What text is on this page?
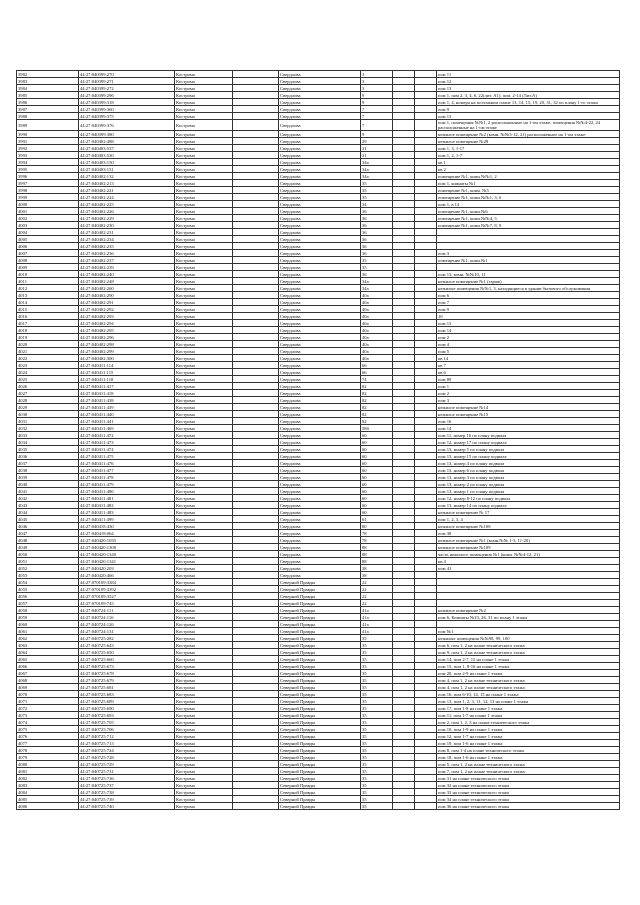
3982	44:27:040399:270	Кострома		Свердлова	3			пом 11
3983	44:27:040399:271	Кострома		Свердлова	3			пом 12
3984	44:27:040399:272	Кострома		Свердлова	3			пом 13
3985	44:27:040399:296	Кострома		Свердлова	9			пом 1, пом 2, 3, 4, 6, 22(лит. А1), пом. 2-14 (Лит.А)
3986	44:27:040399:318	Кострома		Свердлова	9			пом 1, 4, номера на поэтажном плане 13, 14, 15, 19, 20, 31, 32 по плану 1-го этажа
3987	44:27:040399:360	Кострома		Свердлова	7			пом 9
3988	44:27:040399:375	Кострома		Свердлова	7			пом 13
3989	44:27:040399:376	Кострома		Свердлова	7			пом 1, помещения №№1, 2 расположенные на 1-ом этаже, помещения №№4-22, 24 расположенные на 1-ом этаже
3990	44:27:040399:380	Кострома		Свердлова	9			нежилое помещение №2 (комн. №№3-12, 21) расположенное на 1-ом этаже
3991	44:27:040402:488	Кострома		Свердлова	29			нежилое помещение №28
3992	44:27:040403:537	Кострома		Свердлова	31			пом 1, 3, 1-17
3993	44:27:040403:530	Кострома		Свердлова	31			пом 1, 2, 1-7
3994	44:27:040403:150	Кострома		Свердлова	34а			кв 1
3995	44:27:040403:151	Кострома		Свердлова	34а			кв 2
3996	44:27:040402:132	Кострома		Свердлова	34а			помещение №1, комн №№1, 2
3997	44:27:040402:213	Кострома		Свердлова	35			пом 1, комнаты №1
3998	44:27:040402:221	Кострома		Свердлова	35			помещение №1, комн. №5
3999	44:27:040402:224	Кострома		Свердлова	35			помещение №1, комн.№№1, 3, 6
4000	44:27:040402:225	Кострома		Свердлова	34			пом 1, в 14
4001	44:27:040402:226	Кострома		Свердлова	36			помещение №1, комн.№6
4002	44:27:040402:229	Кострома		Свердлова	36			помещение №1, комн.№№4, 5
4003	44:27:040402:230	Кострома		Свердлова	36			помещение №1, комн.№№7, 8, 9
4004	44:27:040402:231	Кострома		Свердлова	36			
4005	44:27:040402:234	Кострома		Свердлова	36			
4006	44:27:040402:235	Кострома		Свердлова	36			
4007	44:27:040402:236	Кострома		Свердлова	36			пом 3
4008	44:27:040402:237	Кострома		Свердлова	35			помещение №1, комн.№1
4009	44:27:040402:239	Кострома		Свердлова	35			
4010	44:27:040402:240	Кострома		Свердлова	36			пом 13, комн. №№10, 11
4011	44:27:040402:248	Кострома		Свердлова	34а			нежилое помещение №1 (гараж)
4012	44:27:040402:260	Кострома		Свердлова	34а			нежилые помещения №№1, 3, находящиеся в здании бытового обслуживания
4013	44:27:040402:290	Кострома		Свердлова	40а			пом 6
4014	44:27:040402:291	Кострома		Свердлова	40а			пом 7
4015	44:27:040402:292	Кострома		Свердлова	40а			пом 9
4016	44:27:040402:293	Кострома		Свердлова	40а			10
4017	44:27:040402:294	Кострома		Свердлова	40а			пом 13
4018	44:27:040402:295	Кострома		Свердлова	40а			пом 14
4019	44:27:040402:296	Кострома		Свердлова	40а			пом 2
4020	44:27:040402:298	Кострома		Свердлова	40а			пом 4
4021	44:27:040402:299	Кострома		Свердлова	40а			пом 5
4022	44:27:040402:300	Кострома		Свердлова	40а			кв 14
4023	44:27:040411:114	Кострома		Свердлова	66			кв 7
4024	44:27:040411:115	Кострома		Свердлова	66			кв 6
4025	44:27:040411:118	Кострома		Свердлова	74			пом 89
4026	44:27:040411:417	Кострома		Свердлова	82			пом 1
4027	44:27:040411:418	Кострома		Свердлова	82			пом 2
4028	44:27:040411:438	Кострома		Свердлова	82			пом 3
4029	44:27:040411:439	Кострома		Свердлова	82			нежилое помещение №14
4030	44:27:040411:440	Кострома		Свердлова	82			нежилое помещение №15
4031	44:27:040411:441	Кострома		Свердлова	82			пом 16
4032	44:27:040411:469	Кострома		Свердлова	58б			пом 14
4033	44:27:040411:472	Кострома		Свердлова	60			пом 11, номер 16 по плану подвала
4034	44:27:040411:473	Кострома		Свердлова	60			пом 12, номер 17 по плану подвала
4035	44:27:040411:474	Кострома		Свердлова	60			пом 13, номер 5 по плану подвала
4036	44:27:040411:475	Кострома		Свердлова	60			пом 13, номер 15 по плану подвала
4037	44:27:040411:476	Кострома		Свердлова	60			пом 13, номер 4 по плану подвала
4038	44:27:040411:477	Кострома		Свердлова	60			пом 13, номер 6 по плану подвала
4039	44:27:040411:478	Кострома		Свердлова	60			пом 13, номер 3 по плану подвала
4040	44:27:040411:479	Кострома		Свердлова	60			пом 13, номер 2 по плану подвала
4041	44:27:040411:480	Кострома		Свердлова	60			пом 13, номер 1 по плану подвала
4042	44:27:040411:481	Кострома		Свердлова	60			пом 12, номер 8-12 по плану подвала
4043	44:27:040411:482	Кострома		Свердлова	60			пом 13, номер 14 по плану подвала
4044	44:27:040411:483	Кострома		Свердлова	60			нежилое помещение № 17
4045	44:27:040411:499	Кострома		Свердлова	61			пом 1, 2, 3, 4
4046	44:27:040418:430	Кострома		Свердлова	80			нежилое помещение №108
4047	44:27:040418:064	Кострома		Свердлова	78			пом 38
4048	44:27:040420:1035	Кострома		Свердлова	78			нежилое помещение №1 (комн.№№ 1-3, 11-20)
4049	44:27:040420:1300	Кострома		Свердлова	88			нежилое помещение №109
4050	44:27:040420:1340	Кострома		Свердлова	88			часть нежилого помещения №1 (комн. №№4-12, 21)
4051	44:27:040420:1341	Кострома		Свердлова	88			кв 4
4052	44:27:040420:203	Кострома		Свердлова	38			пом 41
4053	44:27:040420:466	Кострома		Свердлова	38			
4054	44:27:070109:3384	Кострома		Северной Правды	22			
4055	44:27:070109:3392	Кострома		Северной Правды	22			
4056	44:27:070109:3527	Кострома		Северной Правды	22			
4057	44:27:070109:745	Кострома		Северной Правды	22			
4058	44:27:040724:111	Кострома		Северной Правды	41а			нежилое помещение №2
4059	44:27:040724:116	Кострома		Северной Правды	41а			пом 6, Комнаты №23, 26, 31 по плану 1 этажа
4060	44:27:040724:126	Кострома		Северной Правды	41а			
4061	44:27:040724:131	Кострома		Северной Правды	41а			пом №1
4062	44:27:040725:282	Кострома		Северной Правды	35			нежилые помещения №№98, 99, 100
4063	44:27:040725:643	Кострома		Северной Правды	35			пом 6, пом 1, 2 на плане технического этажа
4064	44:27:040725:650	Кострома		Северной Правды	35			пом 9, пом 1, 2 на плане технического этажа
4065	44:27:040725:660	Кострома		Северной Правды	35			пом 14, пом 2-7, 15 на плане 1 этажа
4066	44:27:040725:673	Кострома		Северной Правды	35			пом 15, пом 1, 8-16 на плане 1 этажа
4067	44:27:040725:678	Кострома		Северной Правды	35			пом 20, пом 2-9 на плане 1 этажа
4068	44:27:040725:679	Кострома		Северной Правды	35			пом 4, пом 1, 2 на плане технического этажа
4069	44:27:040725:681	Кострома		Северной Правды	35			пом 4, пом 1, 2 на плане технического этажа
4070	44:27:040725:683	Кострома		Северной Правды	35			пом 16, пом 6-10, 14, 15 на плане 1 этажа
4071	44:27:040725:689	Кострома		Северной Правды	35			пом 13, пом 1, 2, 3, 11, 12, 13 на плане 1 этажа
4072	44:27:040725:690	Кострома		Северной Правды	35			пом 17, пом 1-8 на плане 1 этажа
4073	44:27:040725:693	Кострома		Северной Правды	35			пом 11, пом 1-7 на плане 1 этажа
4074	44:27:040725:705	Кострома		Северной Правды	35			пом 2, пом 1, 2, 3 на плане технического этажа
4075	44:27:040725:706	Кострома		Северной Правды	35			пом 10, пом 1-9 на плане 1 этажа
4076	44:27:040725:712	Кострома		Северной Правды	35			пом 12, пом 1-7 на плане 1 этажа
4077	44:27:040725:713	Кострома		Северной Правды	35			пом 19, пом 1-6 на плане 1 этажа
4078	44:27:040725:724	Кострома		Северной Правды	35			пом 8, пом 1-4 на плане технического этажа
4079	44:27:040725:728	Кострома		Северной Правды	35			пом 18, пом 1-6 на плане 1 этажа
4080	44:27:040725:729	Кострома		Северной Правды	35			пом 5, пом 1, 2 на плане технического этажа
4081	44:27:040725:731	Кострома		Северной Правды	35			пом 7, пом 1, 2 на плане технического этажа
4082	44:27:040725:736	Кострома		Северной Правды	35			пом 31 на плане технического этажа
4083	44:27:040725:737	Кострома		Северной Правды	35			пом 32 на плане технического этажа
4084	44:27:040725:738	Кострома		Северной Правды	35			пом 33 на плане технического этажа
4085	44:27:040725:739	Кострома		Северной Правды	35			пом 34 на плане технического этажа
4086	44:27:040725:740	Кострома		Северной Правды	35			пом 36 на плане технического этажа
